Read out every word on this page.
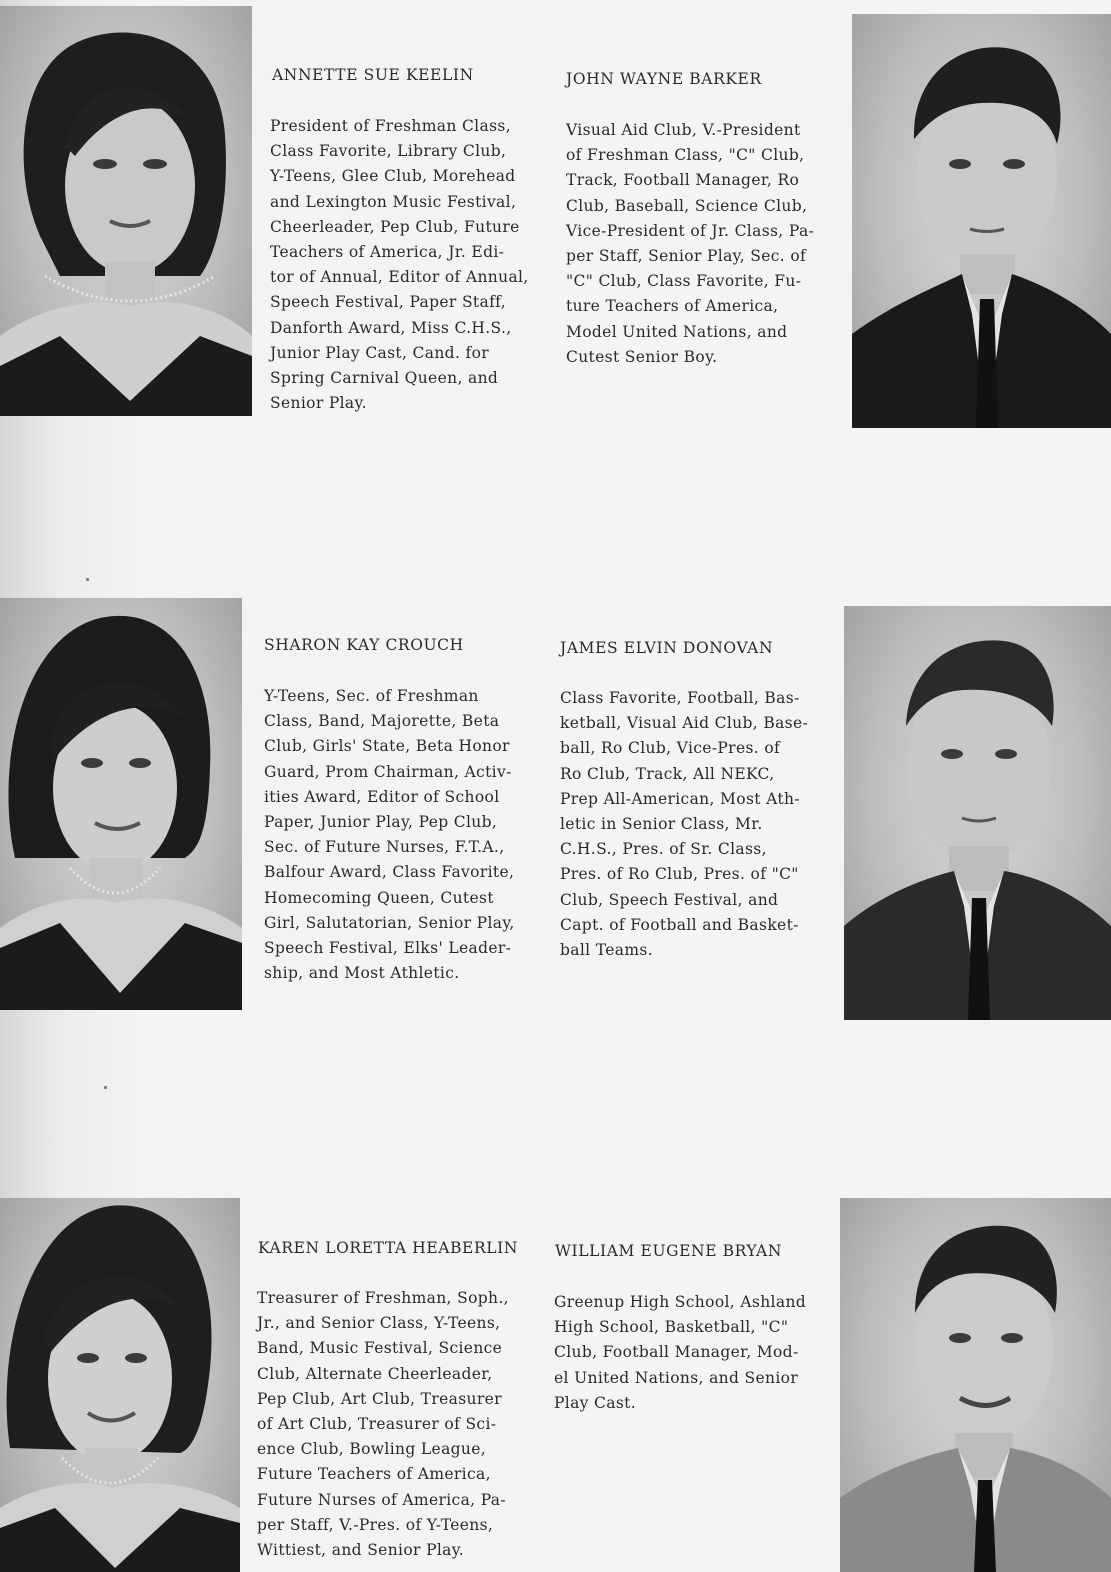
ANNETTE SUE KEELIN
President of Freshman Class,
Class Favorite, Library Club,
Y-Teens, Glee Club, Morehead
and Lexington Music Festival,
Cheerleader, Pep Club, Future
Teachers of America, Jr. Edi-
tor of Annual, Editor of Annual,
Speech Festival, Paper Staff,
Danforth Award, Miss C.H.S.,
Junior Play Cast, Cand. for
Spring Carnival Queen, and
Senior Play.
JOHN WAYNE BARKER
Visual Aid Club, V.-President
of Freshman Class, "C" Club,
Track, Football Manager, Ro
Club, Baseball, Science Club,
Vice-President of Jr. Class, Pa-
per Staff, Senior Play, Sec. of
"C" Club, Class Favorite, Fu-
ture Teachers of America,
Model United Nations, and
Cutest Senior Boy.
SHARON KAY CROUCH
Y-Teens, Sec. of Freshman
Class, Band, Majorette, Beta
Club, Girls' State, Beta Honor
Guard, Prom Chairman, Activ-
ities Award, Editor of School
Paper, Junior Play, Pep Club,
Sec. of Future Nurses, F.T.A.,
Balfour Award, Class Favorite,
Homecoming Queen, Cutest
Girl, Salutatorian, Senior Play,
Speech Festival, Elks' Leader-
ship, and Most Athletic.
JAMES ELVIN DONOVAN
Class Favorite, Football, Bas-
ketball, Visual Aid Club, Base-
ball, Ro Club, Vice-Pres. of
Ro Club, Track, All NEKC,
Prep All-American, Most Ath-
letic in Senior Class, Mr.
C.H.S., Pres. of Sr. Class,
Pres. of Ro Club, Pres. of "C"
Club, Speech Festival, and
Capt. of Football and Basket-
ball Teams.
KAREN LORETTA HEABERLIN
Treasurer of Freshman, Soph.,
Jr., and Senior Class, Y-Teens,
Band, Music Festival, Science
Club, Alternate Cheerleader,
Pep Club, Art Club, Treasurer
of Art Club, Treasurer of Sci-
ence Club, Bowling League,
Future Teachers of America,
Future Nurses of America, Pa-
per Staff, V.-Pres. of Y-Teens,
Wittiest, and Senior Play.
WILLIAM EUGENE BRYAN
Greenup High School, Ashland
High School, Basketball, "C"
Club, Football Manager, Mod-
el United Nations, and Senior
Play Cast.
